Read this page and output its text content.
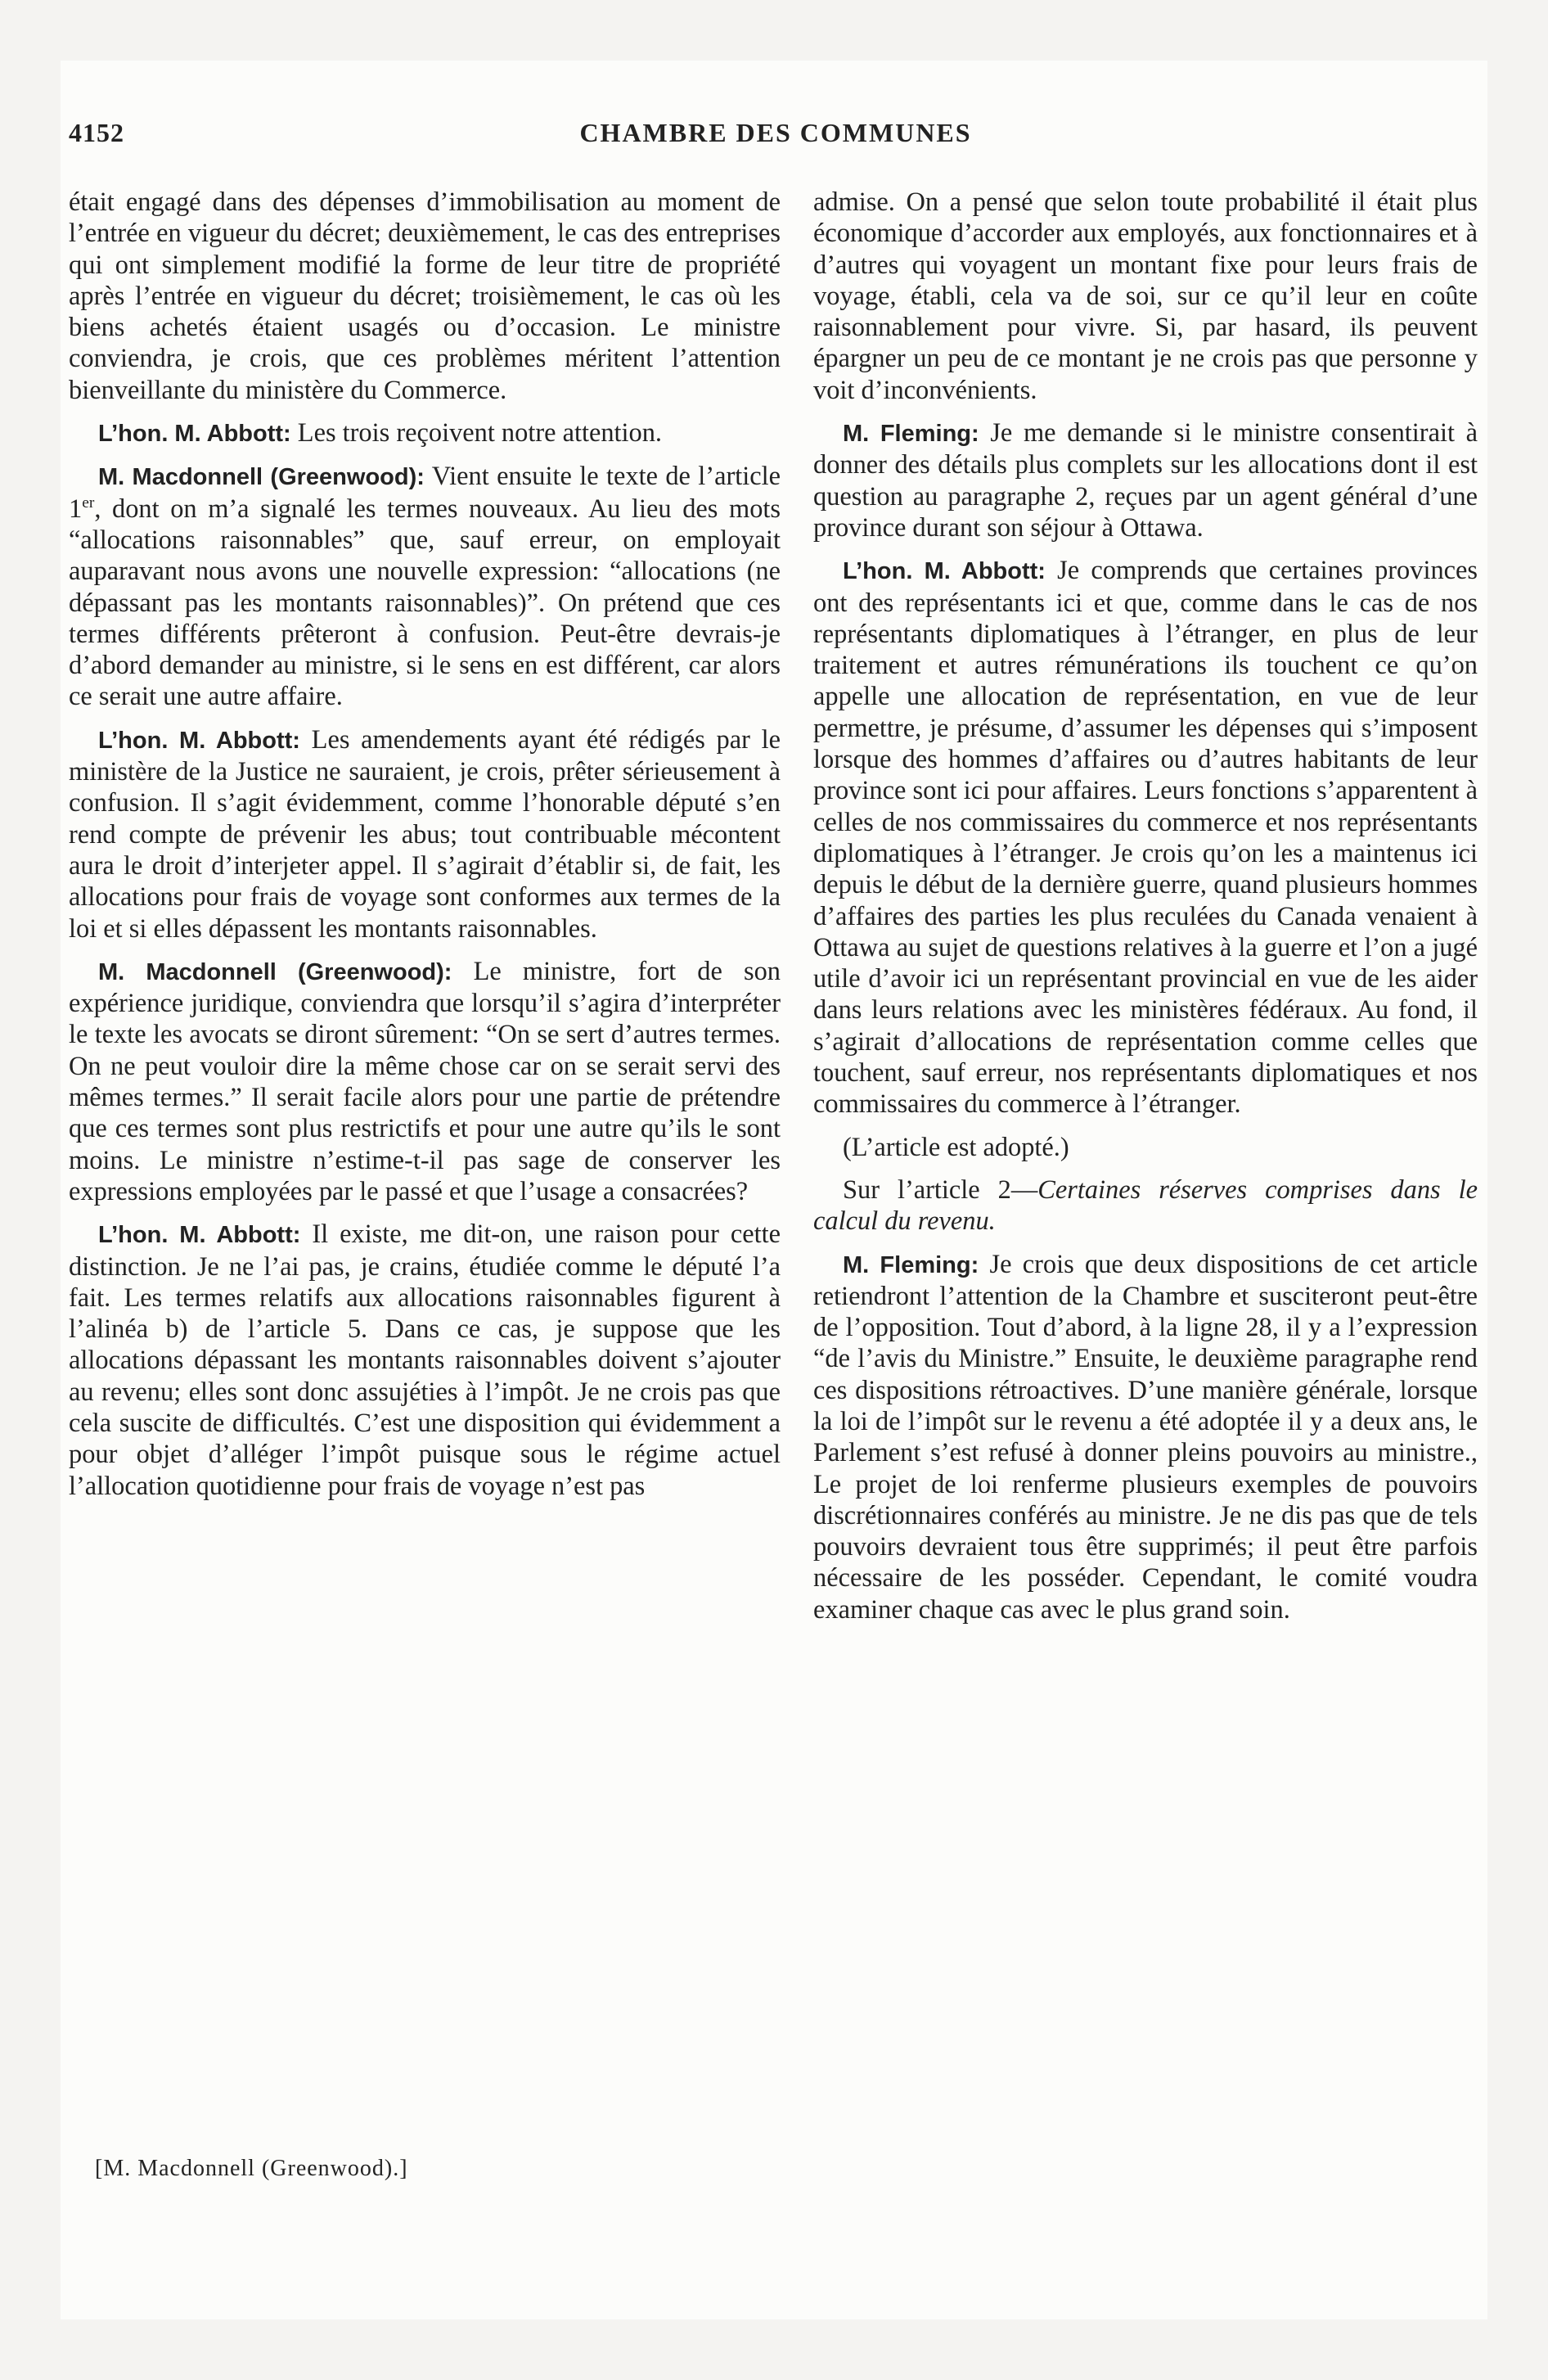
4152	CHAMBRE DES COMMUNES

était engagé dans des dépenses d’immobilisation au moment de l’entrée en vigueur du décret; deuxièmement, le cas des entreprises qui ont simplement modifié la forme de leur titre de propriété après l’entrée en vigueur du décret; troisièmement, le cas où les biens achetés étaient usagés ou d’occasion. Le ministre conviendra, je crois, que ces problèmes méritent l’attention bienveillante du ministère du Commerce.

L’hon. M. Abbott: Les trois reçoivent notre attention.

M. Macdonnell (Greenwood): Vient ensuite le texte de l’article 1er, dont on m’a signalé les termes nouveaux. Au lieu des mots “allocations raisonnables” que, sauf erreur, on employait auparavant nous avons une nouvelle expression: “allocations (ne dépassant pas les montants raisonnables)”. On prétend que ces termes différents prêteront à confusion. Peut-être devrais-je d’abord demander au ministre, si le sens en est différent, car alors ce serait une autre affaire.

L’hon. M. Abbott: Les amendements ayant été rédigés par le ministère de la Justice ne sauraient, je crois, prêter sérieusement à confusion. Il s’agit évidemment, comme l’honorable député s’en rend compte de prévenir les abus; tout contribuable mécontent aura le droit d’interjeter appel. Il s’agirait d’établir si, de fait, les allocations pour frais de voyage sont conformes aux termes de la loi et si elles dépassent les montants raisonnables.

M. Macdonnell (Greenwood): Le ministre, fort de son expérience juridique, conviendra que lorsqu’il s’agira d’interpréter le texte les avocats se diront sûrement: “On se sert d’autres termes. On ne peut vouloir dire la même chose car on se serait servi des mêmes termes.” Il serait facile alors pour une partie de prétendre que ces termes sont plus restrictifs et pour une autre qu’ils le sont moins. Le ministre n’estime-t-il pas sage de conserver les expressions employées par le passé et que l’usage a consacrées?

L’hon. M. Abbott: Il existe, me dit-on, une raison pour cette distinction. Je ne l’ai pas, je crains, étudiée comme le député l’a fait. Les termes relatifs aux allocations raisonnables figurent à l’alinéa b) de l’article 5. Dans ce cas, je suppose que les allocations dépassant les montants raisonnables doivent s’ajouter au revenu; elles sont donc assujéties à l’impôt. Je ne crois pas que cela suscite de difficultés. C’est une disposition qui évidemment a pour objet d’alléger l’impôt puisque sous le régime actuel l’allocation quotidienne pour frais de voyage n’est pas

admise. On a pensé que selon toute probabilité il était plus économique d’accorder aux employés, aux fonctionnaires et à d’autres qui voyagent un montant fixe pour leurs frais de voyage, établi, cela va de soi, sur ce qu’il leur en coûte raisonnablement pour vivre. Si, par hasard, ils peuvent épargner un peu de ce montant je ne crois pas que personne y voit d’inconvénients.

M. Fleming: Je me demande si le ministre consentirait à donner des détails plus complets sur les allocations dont il est question au paragraphe 2, reçues par un agent général d’une province durant son séjour à Ottawa.

L’hon. M. Abbott: Je comprends que certaines provinces ont des représentants ici et que, comme dans le cas de nos représentants diplomatiques à l’étranger, en plus de leur traitement et autres rémunérations ils touchent ce qu’on appelle une allocation de représentation, en vue de leur permettre, je présume, d’assumer les dépenses qui s’imposent lorsque des hommes d’affaires ou d’autres habitants de leur province sont ici pour affaires. Leurs fonctions s’apparentent à celles de nos commissaires du commerce et nos représentants diplomatiques à l’étranger. Je crois qu’on les a maintenus ici depuis le début de la dernière guerre, quand plusieurs hommes d’affaires des parties les plus reculées du Canada venaient à Ottawa au sujet de questions relatives à la guerre et l’on a jugé utile d’avoir ici un représentant provincial en vue de les aider dans leurs relations avec les ministères fédéraux. Au fond, il s’agirait d’allocations de représentation comme celles que touchent, sauf erreur, nos représentants diplomatiques et nos commissaires du commerce à l’étranger.

(L’article est adopté.)

Sur l’article 2—Certaines réserves comprises dans le calcul du revenu.

M. Fleming: Je crois que deux dispositions de cet article retiendront l’attention de la Chambre et susciteront peut-être de l’opposition. Tout d’abord, à la ligne 28, il y a l’expression “de l’avis du Ministre.” Ensuite, le deuxième paragraphe rend ces dispositions rétroactives. D’une manière générale, lorsque la loi de l’impôt sur le revenu a été adoptée il y a deux ans, le Parlement s’est refusé à donner pleins pouvoirs au ministre., Le projet de loi renferme plusieurs exemples de pouvoirs discrétionnaires conférés au ministre. Je ne dis pas que de tels pouvoirs devraient tous être supprimés; il peut être parfois nécessaire de les posséder. Cependant, le comité voudra examiner chaque cas avec le plus grand soin.

[M. Macdonnell (Greenwood).]
